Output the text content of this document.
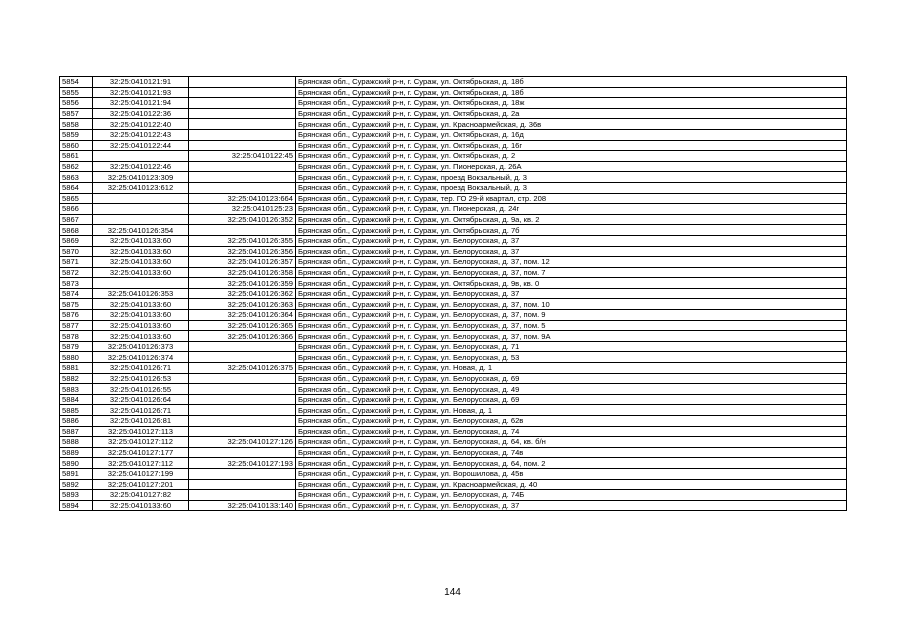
5854	32:25:0410121:91		Брянская обл., Суражский р-н, г. Сураж, ул. Октябрьская, д. 18б
5855	32:25:0410121:93		Брянская обл., Суражский р-н, г. Сураж, ул. Октябрьская, д. 18б
5856	32:25:0410121:94		Брянская обл., Суражский р-н, г. Сураж, ул. Октябрьская, д. 18ж
5857	32:25:0410122:36		Брянская обл., Суражский р-н, г. Сураж, ул. Октябрьская, д. 2а
5858	32:25:0410122:40		Брянская обл., Суражский р-н, г. Сураж, ул. Красноармейская, д. 36в
5859	32:25:0410122:43		Брянская обл., Суражский р-н, г. Сураж, ул. Октябрьская, д. 16д
5860	32:25:0410122:44		Брянская обл., Суражский р-н, г. Сураж, ул. Октябрьская, д. 16г
5861		32:25:0410122:45	Брянская обл., Суражский р-н, г. Сураж, ул. Октябрьская, д. 2
5862	32:25:0410122:46		Брянская обл., Суражский р-н, г. Сураж, ул. Пионерская, д. 26А
5863	32:25:0410123:309		Брянская обл., Суражский р-н, г. Сураж, проезд Вокзальный, д. 3
5864	32:25:0410123:612		Брянская обл., Суражский р-н, г. Сураж, проезд Вокзальный, д. 3
5865		32:25:0410123:664	Брянская обл., Суражский р-н, г. Сураж, тер. ГО 29-й квартал, стр. 208
5866		32:25:0410125:23	Брянская обл., Суражский р-н, г. Сураж, ул. Пионерская, д. 24г
5867		32:25:0410126:352	Брянская обл., Суражский р-н, г. Сураж, ул. Октябрьская, д. 9а, кв. 2
5868	32:25:0410126:354		Брянская обл., Суражский р-н, г. Сураж, ул. Октябрьская, д. 7б
5869	32:25:0410133:60	32:25:0410126:355	Брянская обл., Суражский р-н, г. Сураж, ул. Белорусская, д. 37
5870	32:25:0410133:60	32:25:0410126:356	Брянская обл., Суражский р-н, г. Сураж, ул. Белорусская, д. 37
5871	32:25:0410133:60	32:25:0410126:357	Брянская обл., Суражский р-н, г. Сураж, ул. Белорусская, д. 37, пом. 12
5872	32:25:0410133:60	32:25:0410126:358	Брянская обл., Суражский р-н, г. Сураж, ул. Белорусская, д. 37, пом. 7
5873		32:25:0410126:359	Брянская обл., Суражский р-н, г. Сураж, ул. Октябрьская, д. 9в, кв. 0
5874	32:25:0410126:353	32:25:0410126:362	Брянская обл., Суражский р-н, г. Сураж, ул. Белорусская, д. 37
5875	32:25:0410133:60	32:25:0410126:363	Брянская обл., Суражский р-н, г. Сураж, ул. Белорусская, д. 37, пом. 10
5876	32:25:0410133:60	32:25:0410126:364	Брянская обл., Суражский р-н, г. Сураж, ул. Белорусская, д. 37, пом. 9
5877	32:25:0410133:60	32:25:0410126:365	Брянская обл., Суражский р-н, г. Сураж, ул. Белорусская, д. 37, пом. 5
5878	32:25:0410133:60	32:25:0410126:366	Брянская обл., Суражский р-н, г. Сураж, ул. Белорусская, д. 37, пом. 9А
5879	32:25:0410126:373		Брянская обл., Суражский р-н, г. Сураж, ул. Белорусская, д. 71
5880	32:25:0410126:374		Брянская обл., Суражский р-н, г. Сураж, ул. Белорусская, д. 53
5881	32:25:0410126:71	32:25:0410126:375	Брянская обл., Суражский р-н, г. Сураж, ул. Новая, д. 1
5882	32:25:0410126:53		Брянская обл., Суражский р-н, г. Сураж, ул. Белорусская, д. 69
5883	32:25:0410126:55		Брянская обл., Суражский р-н, г. Сураж, ул. Белорусская, д. 49
5884	32:25:0410126:64		Брянская обл., Суражский р-н, г. Сураж, ул. Белорусская, д. 69
5885	32:25:0410126:71		Брянская обл., Суражский р-н, г. Сураж, ул. Новая, д. 1
5886	32:25:0410126:81		Брянская обл., Суражский р-н, г. Сураж, ул. Белорусская, д. 62в
5887	32:25:0410127:113		Брянская обл., Суражский р-н, г. Сураж, ул. Белорусская, д. 74
5888	32:25:0410127:112	32:25:0410127:126	Брянская обл., Суражский р-н, г. Сураж, ул. Белорусская, д. 64, кв. б/н
5889	32:25:0410127:177		Брянская обл., Суражский р-н, г. Сураж, ул. Белорусская, д. 74в
5890	32:25:0410127:112	32:25:0410127:193	Брянская обл., Суражский р-н, г. Сураж, ул. Белорусская, д. 64, пом. 2
5891	32:25:0410127:199		Брянская обл., Суражский р-н, г. Сураж, ул. Ворошилова, д. 45в
5892	32:25:0410127:201		Брянская обл., Суражский р-н, г. Сураж, ул. Красноармейская, д. 40
5893	32:25:0410127:82		Брянская обл., Суражский р-н, г. Сураж, ул. Белорусская, д. 74Б
5894	32:25:0410133:60	32:25:0410133:140	Брянская обл., Суражский р-н, г. Сураж, ул. Белорусская, д. 37
144
